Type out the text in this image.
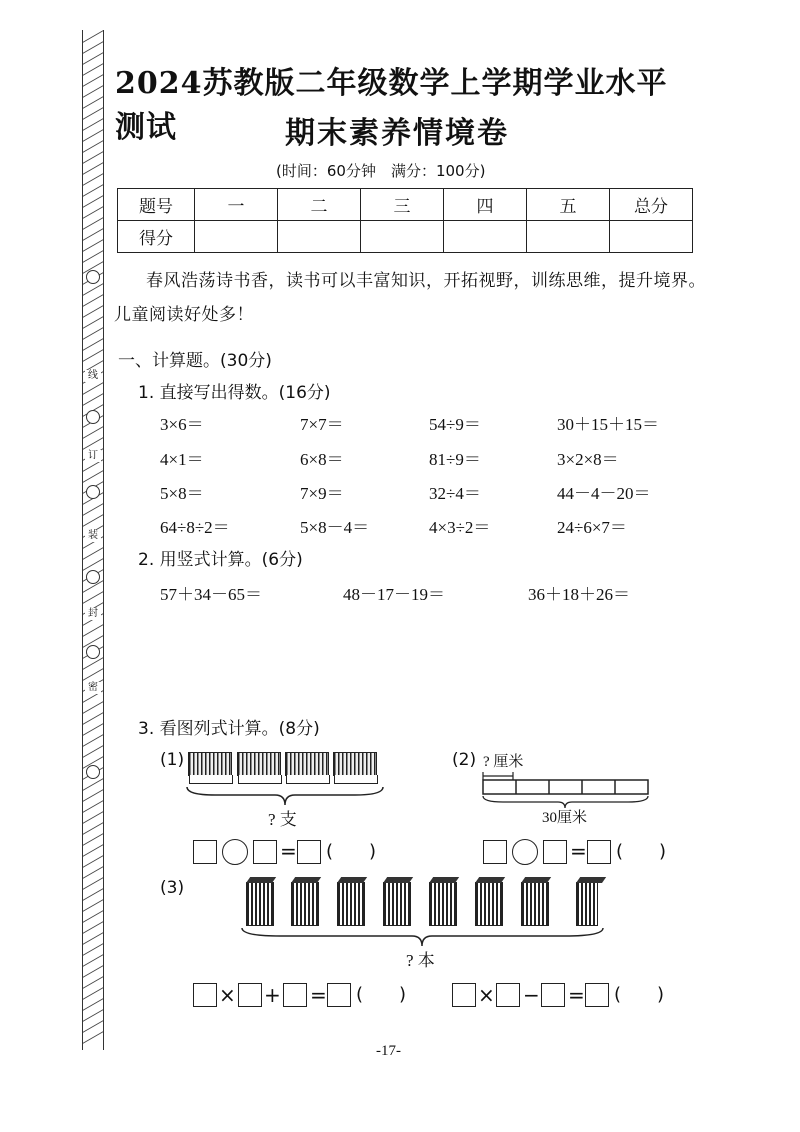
线
订
装
封
密
2024苏教版二年级数学上学期学业水平测试	期末素养情境卷
(时间：60分钟　满分：100分)
题号	一	二	三	四	五	总分
得分						
春风浩荡诗书香，读书可以丰富知识，开拓视野，训练思维，提升境界。
儿童阅读好处多！
一、计算题。(30分)
1. 直接写出得数。(16分)
3×6＝	7×7＝	54÷9＝	30＋15＋15＝
4×1＝	6×8＝	81÷9＝	3×2×8＝
5×8＝	7×9＝	32÷4＝	44－4－20＝
64÷8÷2＝	5×8－4＝	4×3÷2＝	24÷6×7＝
2. 用竖式计算。(6分)
57＋34－65＝	48－17－19＝	36＋18＋26＝
3. 看图列式计算。(8分)
(1)
? 支
(2) ? 厘米
30厘米
= (　　)	= (　　)
(3)
? 本
× + = (　　)	× − = (　　)
-17-
